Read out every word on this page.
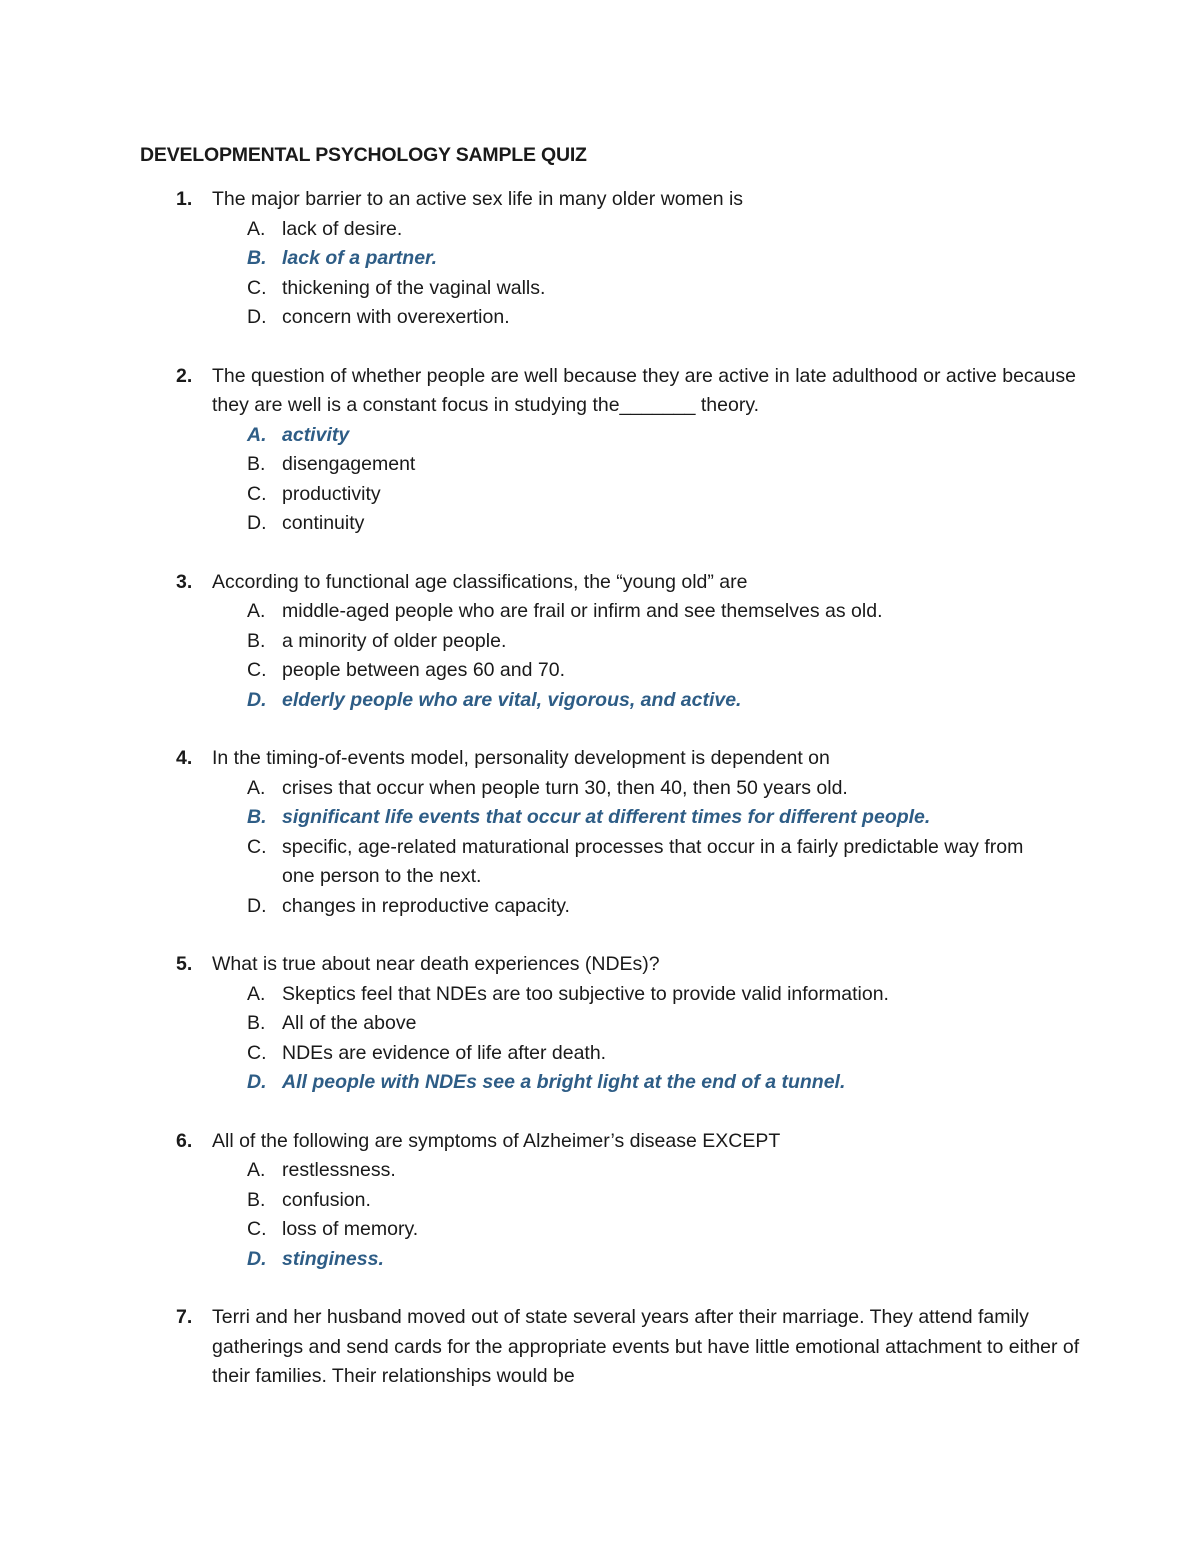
DEVELOPMENTAL PSYCHOLOGY SAMPLE QUIZ
1.	The major barrier to an active sex life in many older women is
A. lack of desire.
B. lack of a partner.
C. thickening of the vaginal walls.
D. concern with overexertion.
2.	The question of whether people are well because they are active in late adulthood or active because they are well is a constant focus in studying the_______ theory.
A. activity
B. disengagement
C. productivity
D. continuity
3.	According to functional age classifications, the “young old” are
A. middle-aged people who are frail or infirm and see themselves as old.
B. a minority of older people.
C. people between ages 60 and 70.
D. elderly people who are vital, vigorous, and active.
4.	In the timing-of-events model, personality development is dependent on
A. crises that occur when people turn 30, then 40, then 50 years old.
B. significant life events that occur at different times for different people.
C. specific, age-related maturational processes that occur in a fairly predictable way from one person to the next.
D. changes in reproductive capacity.
5.	What is true about near death experiences (NDEs)?
A. Skeptics feel that NDEs are too subjective to provide valid information.
B. All of the above
C. NDEs are evidence of life after death.
D. All people with NDEs see a bright light at the end of a tunnel.
6.	All of the following are symptoms of Alzheimer’s disease EXCEPT
A. restlessness.
B. confusion.
C. loss of memory.
D. stinginess.
7.	Terri and her husband moved out of state several years after their marriage. They attend family gatherings and send cards for the appropriate events but have little emotional attachment to either of their families. Their relationships would be
